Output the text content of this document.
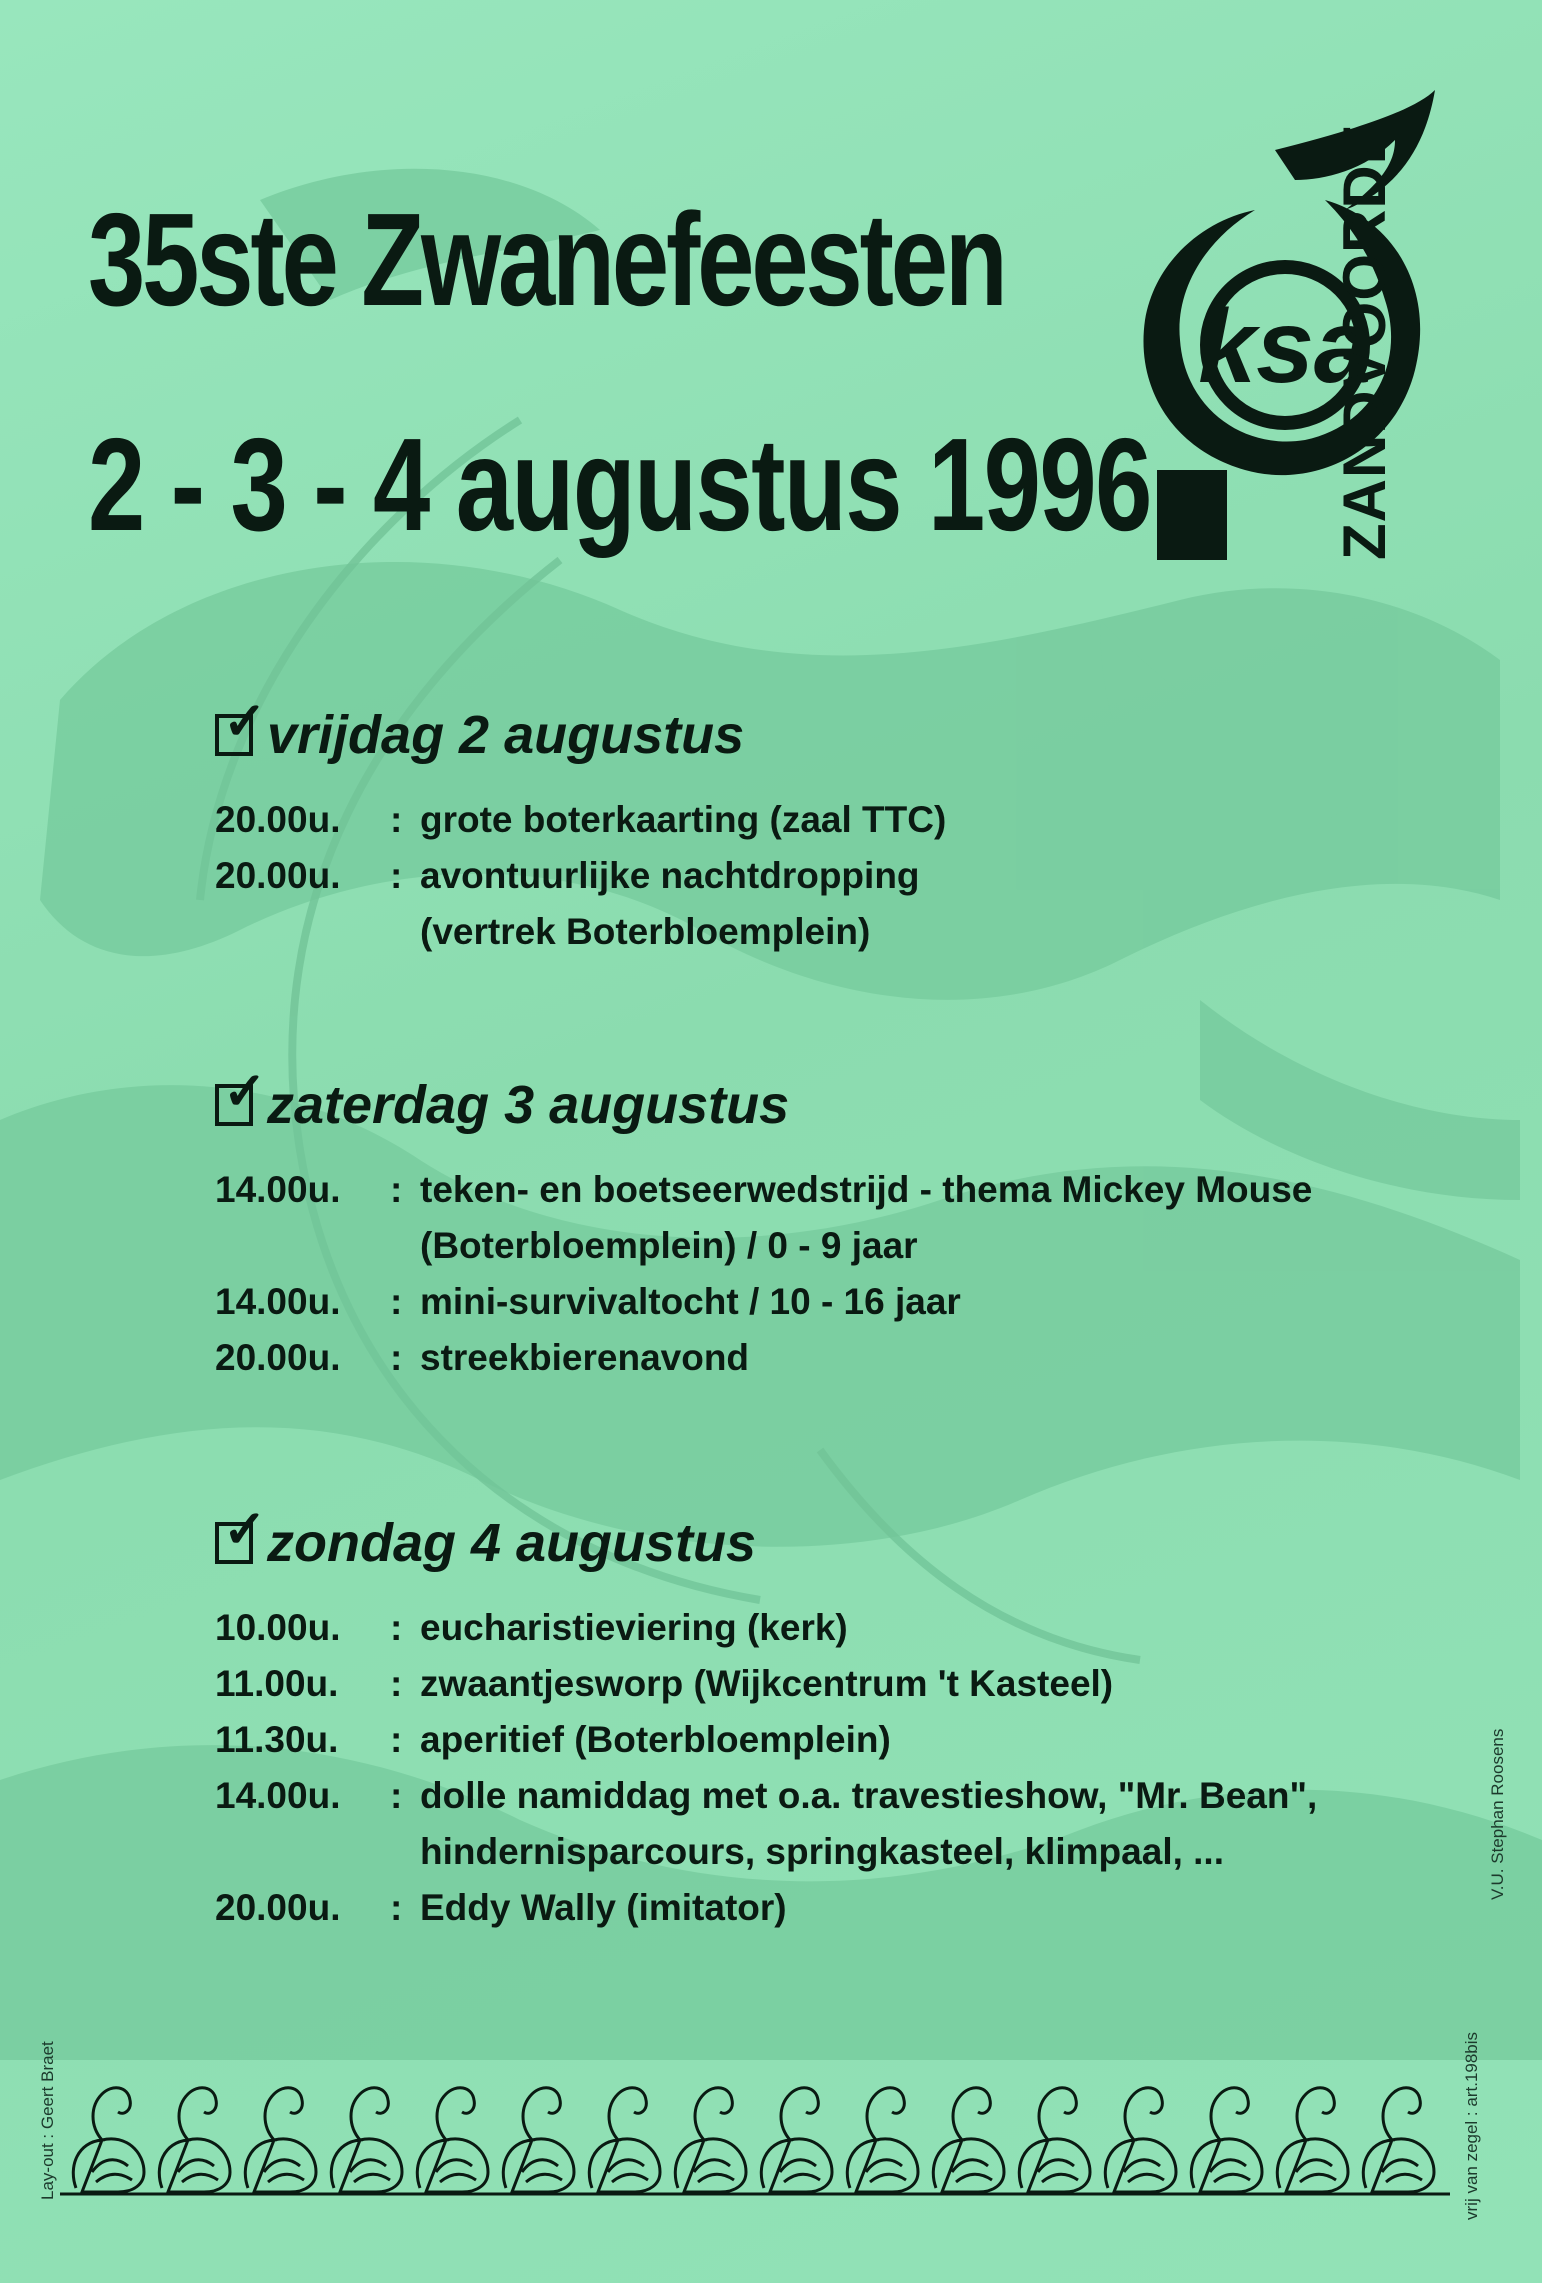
35ste Zwanefeesten
2 - 3 - 4 augustus 1996
ksa
ZANDVOORDE
✓ vrijdag 2 augustus
20.00u.	: grote boterkaarting (zaal TTC)
20.00u.	: avontuurlijke nachtdropping
(vertrek Boterbloemplein)
✓ zaterdag 3 augustus
14.00u.	: teken- en boetseerwedstrijd - thema Mickey Mouse
(Boterbloemplein) / 0 - 9 jaar
14.00u.	: mini-survivaltocht / 10 - 16 jaar
20.00u.	: streekbierenavond
✓ zondag 4 augustus
10.00u.	: eucharistieviering (kerk)
11.00u.	: zwaantjesworp (Wijkcentrum 't Kasteel)
11.30u.	: aperitief (Boterbloemplein)
14.00u.	: dolle namiddag met o.a. travestieshow, "Mr. Bean",
hindernisparcours, springkasteel, klimpaal, ...
20.00u.	: Eddy Wally (imitator)
Lay-out : Geert Braet
V.U. Stephan Roosens
vrij van zegel : art.198bis
